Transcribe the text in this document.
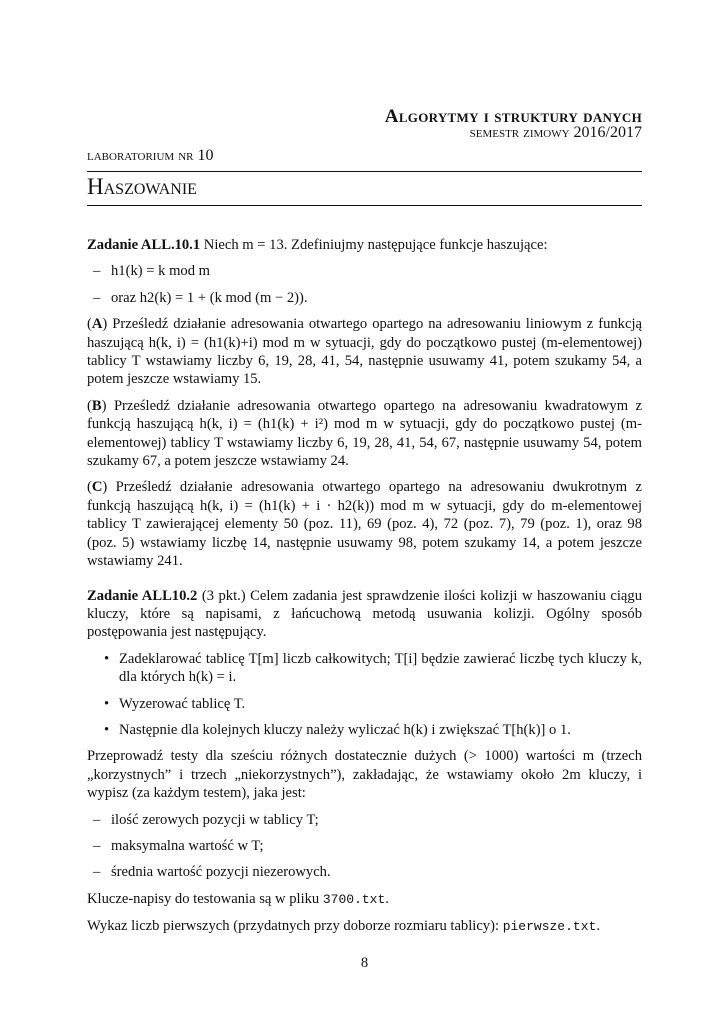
Algorytmy i struktury danych
semestr zimowy 2016/2017
laboratorium nr 10
Haszowanie

Zadanie ALL.10.1 Niech m = 13. Zdefiniujmy następujące funkcje haszujące:

– h1(k) = k mod m
– oraz h2(k) = 1 + (k mod (m − 2)).

(A) Prześledź działanie adresowania otwartego opartego na adresowaniu liniowym z funkcją haszującą h(k, i) = (h1(k)+i) mod m w sytuacji, gdy do początkowo pustej (m-elementowej) tablicy T wstawiamy liczby 6, 19, 28, 41, 54, następnie usuwamy 41, potem szukamy 54, a potem jeszcze wstawiamy 15.

(B) Prześledź działanie adresowania otwartego opartego na adresowaniu kwadratowym z funkcją haszującą h(k, i) = (h1(k) + i²) mod m w sytuacji, gdy do początkowo pustej (m-elementowej) tablicy T wstawiamy liczby 6, 19, 28, 41, 54, 67, następnie usuwamy 54, potem szukamy 67, a potem jeszcze wstawiamy 24.

(C) Prześledź działanie adresowania otwartego opartego na adresowaniu dwukrotnym z funkcją haszującą h(k, i) = (h1(k) + i · h2(k)) mod m w sytuacji, gdy do m-elementowej tablicy T zawierającej elementy 50 (poz. 11), 69 (poz. 4), 72 (poz. 7), 79 (poz. 1), oraz 98 (poz. 5) wstawiamy liczbę 14, następnie usuwamy 98, potem szukamy 14, a potem jeszcze wstawiamy 241.

Zadanie ALL10.2 (3 pkt.) Celem zadania jest sprawdzenie ilości kolizji w haszowaniu ciągu kluczy, które są napisami, z łańcuchową metodą usuwania kolizji. Ogólny sposób postępowania jest następujący.

• Zadeklarować tablicę T[m] liczb całkowitych; T[i] będzie zawierać liczbę tych kluczy k, dla których h(k) = i.
• Wyzerować tablicę T.
• Następnie dla kolejnych kluczy należy wyliczać h(k) i zwiększać T[h(k)] o 1.

Przeprowadź testy dla sześciu różnych dostatecznie dużych (> 1000) wartości m (trzech „korzystnych” i trzech „niekorzystnych”), zakładając, że wstawiamy około 2m kluczy, i wypisz (za każdym testem), jaka jest:

– ilość zerowych pozycji w tablicy T;
– maksymalna wartość w T;
– średnia wartość pozycji niezerowych.

Klucze-napisy do testowania są w pliku 3700.txt.

Wykaz liczb pierwszych (przydatnych przy doborze rozmiaru tablicy): pierwsze.txt.

8
